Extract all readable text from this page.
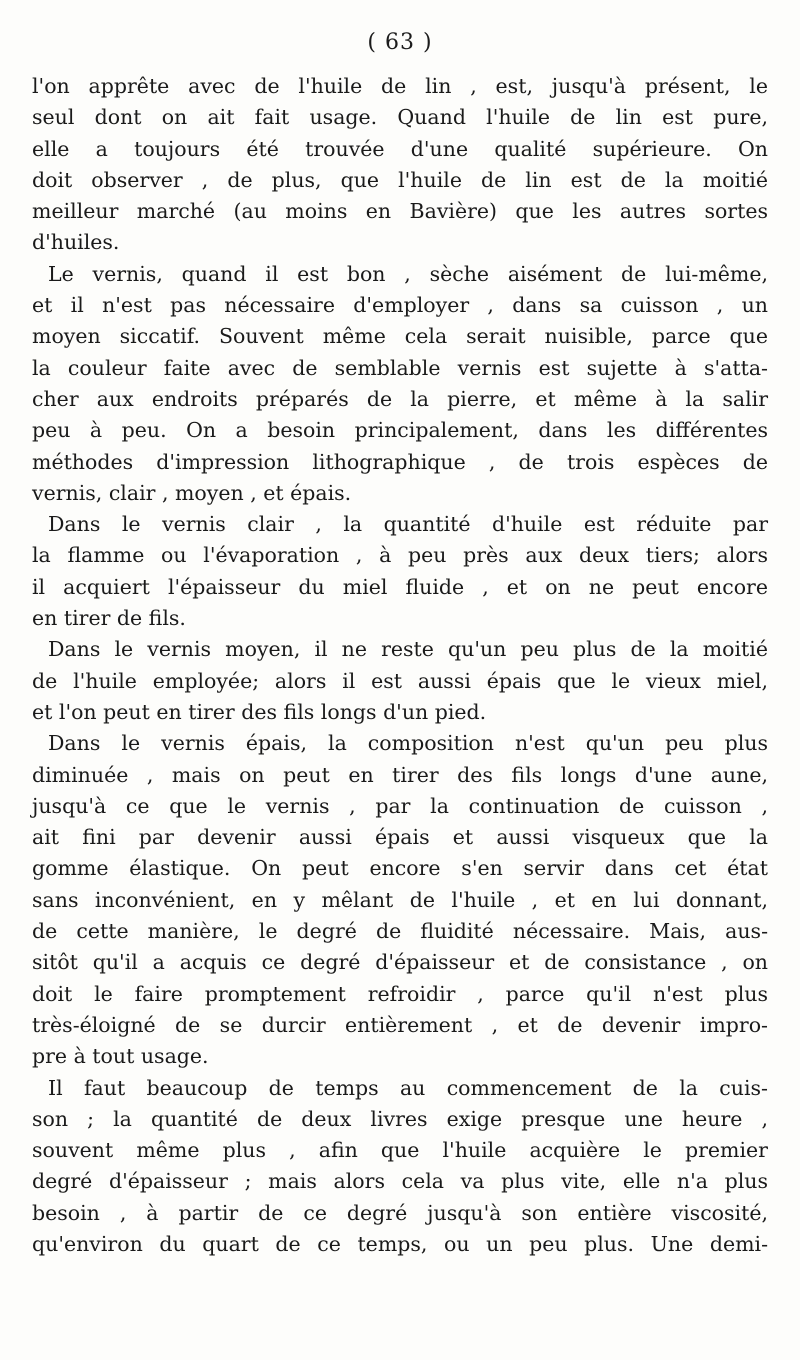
( 63 )
l'on apprête avec de l'huile de lin , est, jusqu'à présent, le
seul dont on ait fait usage. Quand l'huile de lin est pure,
elle a toujours été trouvée d'une qualité supérieure. On
doit observer , de plus, que l'huile de lin est de la moitié
meilleur marché (au moins en Bavière) que les autres sortes
d'huiles.
Le vernis, quand il est bon , sèche aisément de lui-même,
et il n'est pas nécessaire d'employer , dans sa cuisson , un
moyen siccatif. Souvent même cela serait nuisible, parce que
la couleur faite avec de semblable vernis est sujette à s'atta-
cher aux endroits préparés de la pierre, et même à la salir
peu à peu. On a besoin principalement, dans les différentes
méthodes d'impression lithographique , de trois espèces de
vernis, clair , moyen , et épais.
Dans le vernis clair , la quantité d'huile est réduite par
la flamme ou l'évaporation , à peu près aux deux tiers; alors
il acquiert l'épaisseur du miel fluide , et on ne peut encore
en tirer de fils.
Dans le vernis moyen, il ne reste qu'un peu plus de la moitié
de l'huile employée; alors il est aussi épais que le vieux miel,
et l'on peut en tirer des fils longs d'un pied.
Dans le vernis épais, la composition n'est qu'un peu plus
diminuée , mais on peut en tirer des fils longs d'une aune,
jusqu'à ce que le vernis , par la continuation de cuisson ,
ait fini par devenir aussi épais et aussi visqueux que la
gomme élastique. On peut encore s'en servir dans cet état
sans inconvénient, en y mêlant de l'huile , et en lui donnant,
de cette manière, le degré de fluidité nécessaire. Mais, aus-
sitôt qu'il a acquis ce degré d'épaisseur et de consistance , on
doit le faire promptement refroidir , parce qu'il n'est plus
très-éloigné de se durcir entièrement , et de devenir impro-
pre à tout usage.
Il faut beaucoup de temps au commencement de la cuis-
son ; la quantité de deux livres exige presque une heure ,
souvent même plus , afin que l'huile acquière le premier
degré d'épaisseur ; mais alors cela va plus vite, elle n'a plus
besoin , à partir de ce degré jusqu'à son entière viscosité,
qu'environ du quart de ce temps, ou un peu plus. Une demi-
